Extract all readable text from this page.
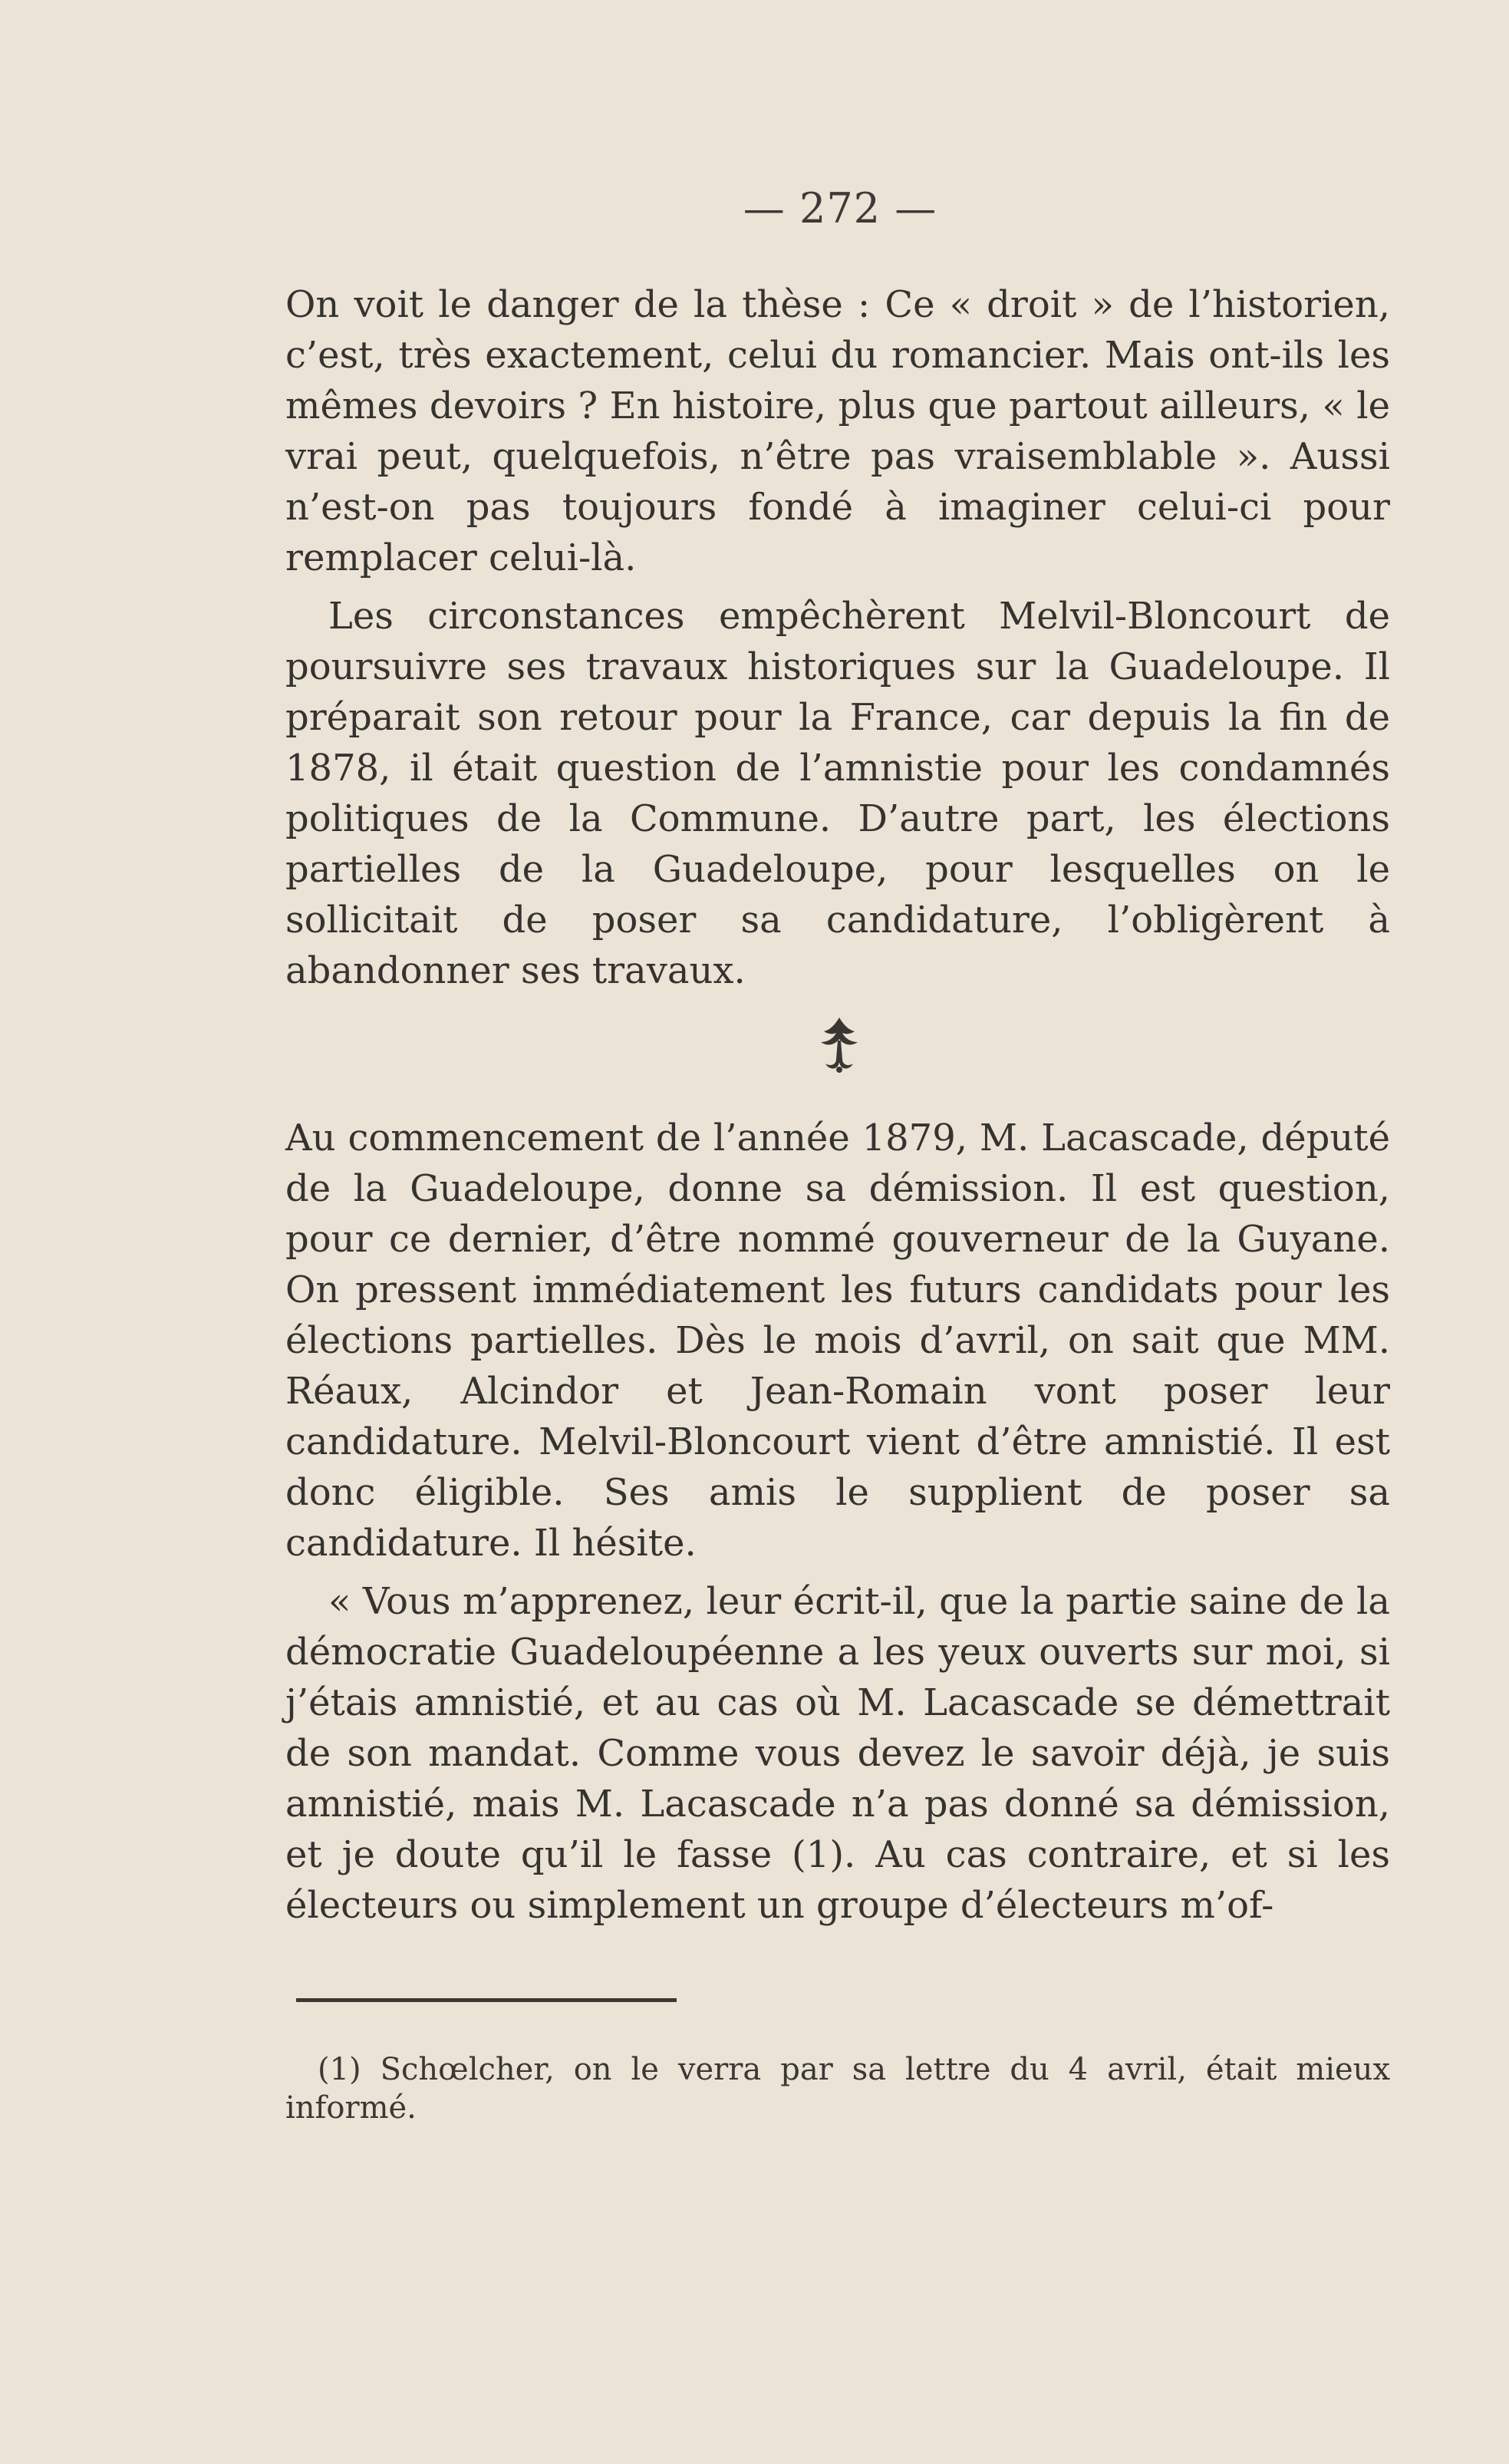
— 272 —

On voit le danger de la thèse : Ce « droit » de l’historien, c’est, très exactement, celui du romancier. Mais ont-ils les mêmes devoirs ? En histoire, plus que partout ailleurs, « le vrai peut, quelquefois, n’être pas vraisemblable ». Aussi n’est-on pas toujours fondé à imaginer celui-ci pour remplacer celui-là.

Les circonstances empêchèrent Melvil-Bloncourt de poursuivre ses travaux historiques sur la Guadeloupe. Il préparait son retour pour la France, car depuis la fin de 1878, il était question de l’amnistie pour les condamnés politiques de la Commune. D’autre part, les élections partielles de la Guadeloupe, pour lesquelles on le sollicitait de poser sa candidature, l’obligèrent à abandonner ses travaux.

Au commencement de l’année 1879, M. Lacascade, député de la Guadeloupe, donne sa démission. Il est question, pour ce dernier, d’être nommé gouverneur de la Guyane. On pressent immédiatement les futurs candidats pour les élections partielles. Dès le mois d’avril, on sait que MM. Réaux, Alcindor et Jean-Romain vont poser leur candidature. Melvil-Bloncourt vient d’être amnistié. Il est donc éligible. Ses amis le supplient de poser sa candidature. Il hésite.

« Vous m’apprenez, leur écrit-il, que la partie saine de la démocratie Guadeloupéenne a les yeux ouverts sur moi, si j’étais amnistié, et au cas où M. Lacascade se démettrait de son mandat. Comme vous devez le savoir déjà, je suis amnistié, mais M. Lacascade n’a pas donné sa démission, et je doute qu’il le fasse (1). Au cas contraire, et si les électeurs ou simplement un groupe d’électeurs m’of-

(1) Schœlcher, on le verra par sa lettre du 4 avril, était mieux informé.
